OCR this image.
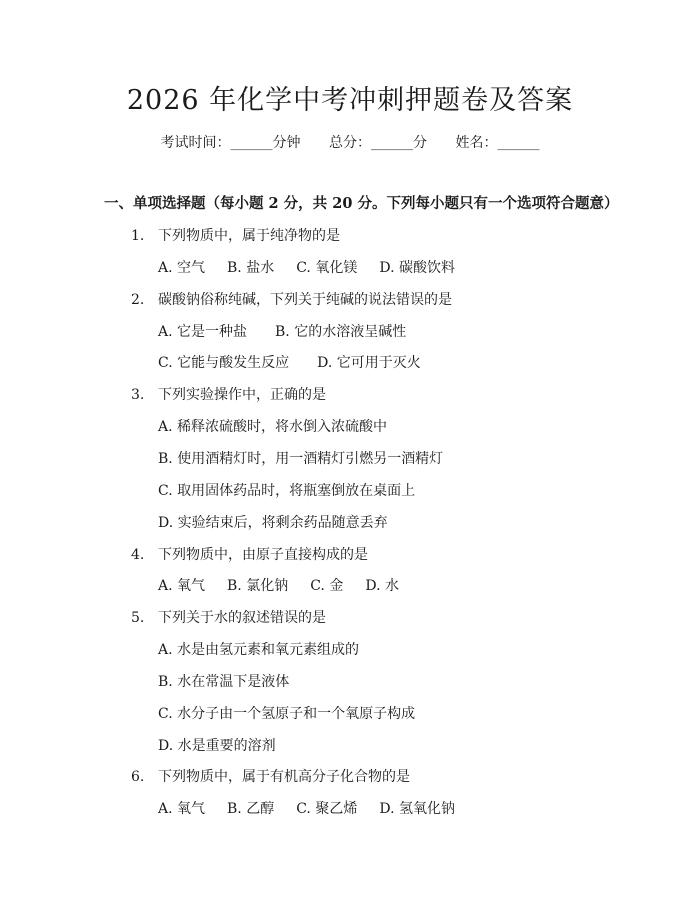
2026 年化学中考冲刺押题卷及答案
考试时间：______分钟 总分：______分 姓名：______
一、单项选择题（每小题 2 分，共 20 分。下列每小题只有一个选项符合题意）
1. 下列物质中，属于纯净物的是
A. 空气 B. 盐水 C. 氧化镁 D. 碳酸饮料
2. 碳酸钠俗称纯碱，下列关于纯碱的说法错误的是
A. 它是一种盐 B. 它的水溶液呈碱性
C. 它能与酸发生反应 D. 它可用于灭火
3. 下列实验操作中，正确的是
A. 稀释浓硫酸时，将水倒入浓硫酸中
B. 使用酒精灯时，用一酒精灯引燃另一酒精灯
C. 取用固体药品时，将瓶塞倒放在桌面上
D. 实验结束后，将剩余药品随意丢弃
4. 下列物质中，由原子直接构成的是
A. 氧气 B. 氯化钠 C. 金 D. 水
5. 下列关于水的叙述错误的是
A. 水是由氢元素和氧元素组成的
B. 水在常温下是液体
C. 水分子由一个氢原子和一个氧原子构成
D. 水是重要的溶剂
6. 下列物质中，属于有机高分子化合物的是
A. 氧气 B. 乙醇 C. 聚乙烯 D. 氢氧化钠
